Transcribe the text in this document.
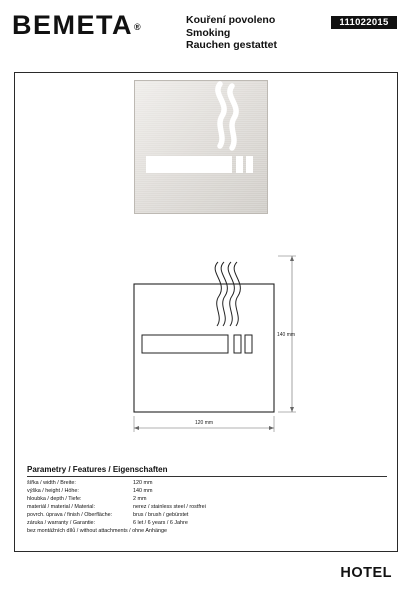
BEMETA®
Kouření povoleno
Smoking
Rauchen gestattet
111022015
140 mm
120 mm
Parametry / Features / Eigenschaften
šířka / width / Breite:	120 mm
výška / height / Höhe:	140 mm
hloubka / depth / Tiefe:	2 mm
materiál / material / Material:	nerez / stainless steel / rostfrei
povrch. úprava / finish / Oberfläche:	brus / brush / gebürstet
záruka / warranty / Garantie:	6 let / 6 years / 6 Jahre
bez montážních dílů / without attachments / ohne Anhänge
HOTEL
